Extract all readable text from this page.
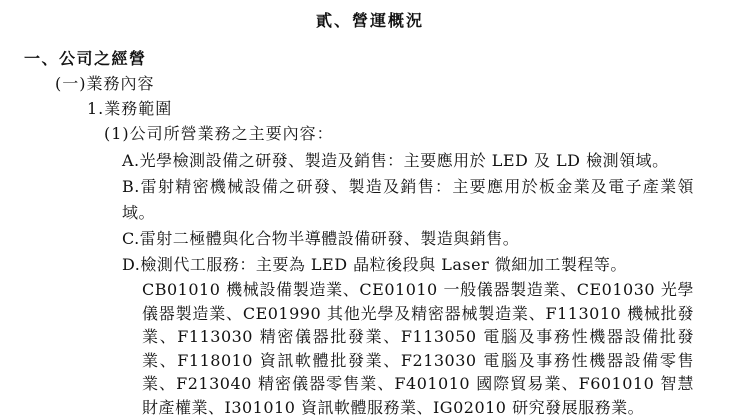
貳、營運概況
一、公司之經營
(一)業務內容
1.業務範圍
(1)公司所營業務之主要內容：

A.光學檢測設備之研發、製造及銷售：主要應用於 LED 及 LD 檢測領域。

B.雷射精密機械設備之研發、製造及銷售：主要應用於板金業及電子產業領域。

C.雷射二極體與化合物半導體設備研發、製造與銷售。

D.檢測代工服務：主要為 LED 晶粒後段與 Laser 微細加工製程等。

CB01010 機械設備製造業、CE01010 一般儀器製造業、CE01030 光學儀器製造業、CE01990 其他光學及精密器械製造業、F113010 機械批發業、F113030 精密儀器批發業、F113050 電腦及事務性機器設備批發業、F118010 資訊軟體批發業、F213030 電腦及事務性機器設備零售業、F213040 精密儀器零售業、F401010 國際貿易業、F601010 智慧財產權業、I301010 資訊軟體服務業、IG02010 研究發展服務業。
